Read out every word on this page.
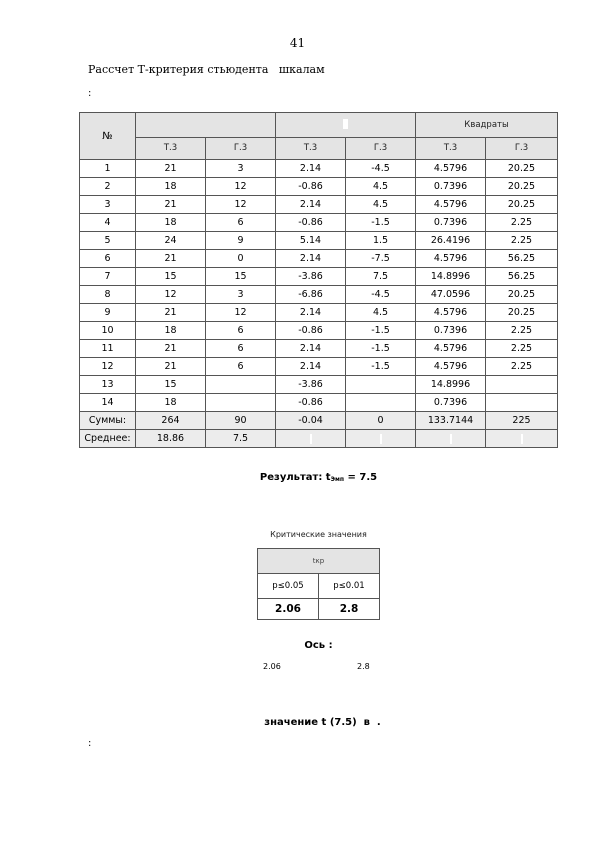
41
Рассчет Т-критерия стьюдента   шкалам
:
№					Квадраты	
	Т.3	Г.3	Т.3	Г.3	Т.3	Г.3
1	21	3	2.14	-4.5	4.5796	20.25
2	18	12	-0.86	4.5	0.7396	20.25
3	21	12	2.14	4.5	4.5796	20.25
4	18	6	-0.86	-1.5	0.7396	2.25
5	24	9	5.14	1.5	26.4196	2.25
6	21	0	2.14	-7.5	4.5796	56.25
7	15	15	-3.86	7.5	14.8996	56.25
8	12	3	-6.86	-4.5	47.0596	20.25
9	21	12	2.14	4.5	4.5796	20.25
10	18	6	-0.86	-1.5	0.7396	2.25
11	21	6	2.14	-1.5	4.5796	2.25
12	21	6	2.14	-1.5	4.5796	2.25
13	15		-3.86		14.8996	
14	18		-0.86		0.7396	
Суммы:	264	90	-0.04	0	133.7144	225
Среднее:	18.86	7.5				
Результат: tЭмп = 7.5
Критические значения
tкр	
p≤0.05	p≤0.01
2.06	2.8
Ось :
2.06	2.8
значение t (7.5)  в  .
:
